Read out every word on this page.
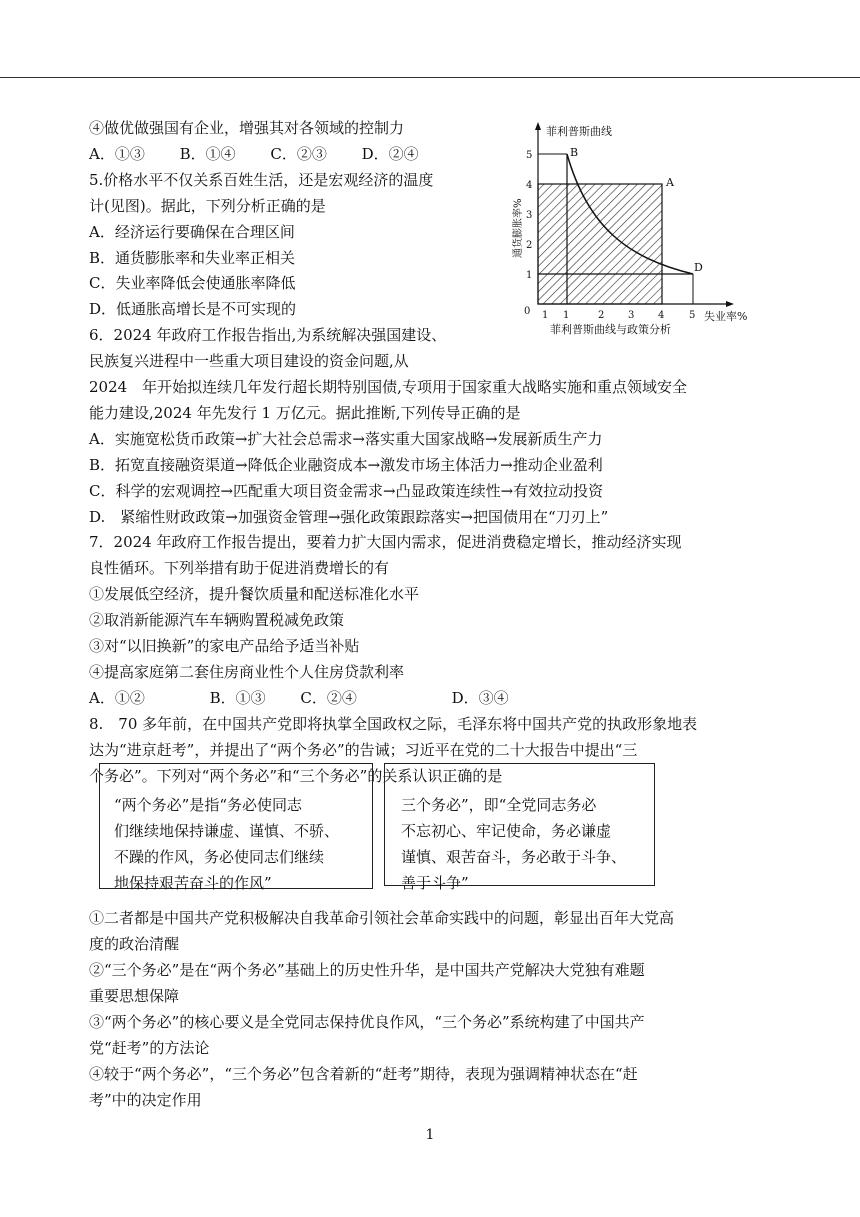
④做优做强国有企业，增强其对各领域的控制力
A．①③　　 B．①④　　 C．②③　　 D．②④
5.价格水平不仅关系百姓生活，还是宏观经济的温度
计(见图)。据此，下列分析正确的是
A．经济运行要确保在合理区间
B．通货膨胀率和失业率正相关
C．失业率降低会使通胀率降低
D．低通胀高增长是不可实现的
6．2024 年政府工作报告指出,为系统解决强国建设、
民族复兴进程中一些重大项目建设的资金问题,从
2024　年开始拟连续几年发行超长期特别国债,专项用于国家重大战略实施和重点领域安全
能力建设,2024 年先发行 1 万亿元。据此推断,下列传导正确的是
A．实施宽松货币政策→扩大社会总需求→落实重大国家战略→发展新质生产力
B．拓宽直接融资渠道→降低企业融资成本→激发市场主体活力→推动企业盈利
C．科学的宏观调控→匹配重大项目资金需求→凸显政策连续性→有效拉动投资
D.　紧缩性财政政策→加强资金管理→强化政策跟踪落实→把国债用在“刀刃上”
7．2024 年政府工作报告提出，要着力扩大国内需求，促进消费稳定增长，推动经济实现
良性循环。下列举措有助于促进消费增长的有
①发展低空经济，提升餐饮质量和配送标准化水平
②取消新能源汽车车辆购置税减免政策
③对“以旧换新”的家电产品给予适当补贴
④提高家庭第二套住房商业性个人住房贷款利率
A．①②　　　　 B．①③　　 C．②④　　　　　　 D．③④
8.　70 多年前，在中国共产党即将执掌全国政权之际，毛泽东将中国共产党的执政形象地表
达为“进京赶考”，并提出了“两个务必”的告诫；习近平在党的二十大报告中提出“三
个务必”。下列对“两个务必”和“三个务必”的关系认识正确的是
“两个务必”是指“务必使同志
们继续地保持谦虚、谨慎、不骄、
不躁的作风，务必使同志们继续
地保持艰苦奋斗的作风”
三个务必”，即“全党同志务必
不忘初心、牢记使命，务必谦虚
谨慎、艰苦奋斗，务必敢于斗争、
善于斗争”
①二者都是中国共产党积极解决自我革命引领社会革命实践中的问题，彰显出百年大党高
度的政治清醒
②“三个务必”是在“两个务必”基础上的历史性升华，是中国共产党解决大党独有难题
重要思想保障
③“两个务必”的核心要义是全党同志保持优良作风，“三个务必”系统构建了中国共产
党“赶考”的方法论
④较于“两个务必”，“三个务必”包含着新的“赶考”期待，表现为强调精神状态在“赶
考”中的决定作用
1 1	2 3 4 5
1
2
3
4
5
0
A
B
D
菲利普斯曲线
失业率%
菲利普斯曲线与政策分析
通货膨胀率%
1
